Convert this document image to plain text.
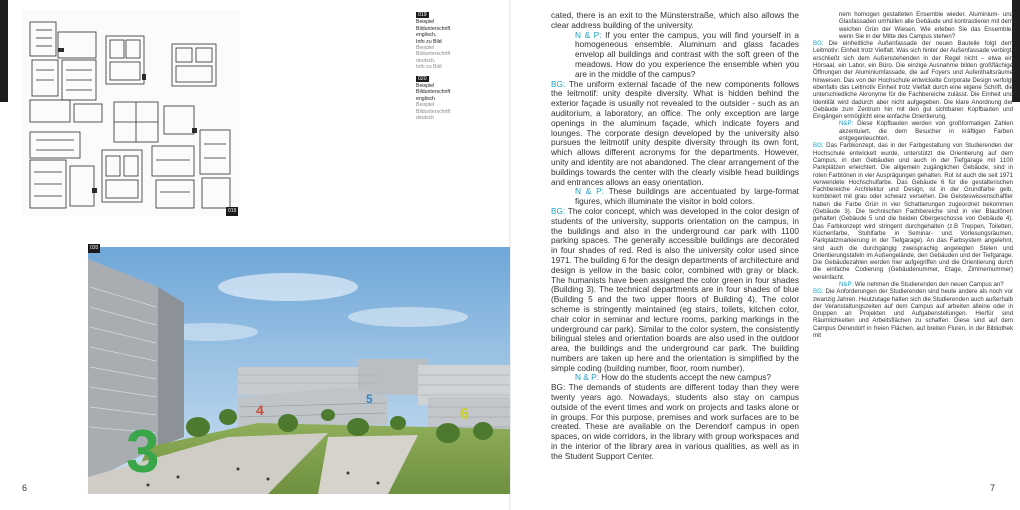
019
019
Beispiel
Bildunterschrift
englisch,
Info zu Bild
Beispiel
Bildunterschrift
deutsch,
Info zu Bild
020
Beispiel
Bildunterschrift
englisch
Beispiel
Bildunterschrift
deutsch
020
3
4
5
6
6

cated, there is an exit to the Münsterstraße, which also allows the clear address building of the university.

N & P: If you enter the campus, you will find yourself in a homogeneous ensemble. Aluminum and glass facades envelop all buildings and contrast with the soft green of the meadows. How do you experience the ensemble when you are in the middle of the campus?

BG: The uniform external facade of the new components follows the leitmotif: unity despite diversity. What is hidden behind the exterior façade is usually not revealed to the outsider - such as an auditorium, a laboratory, an office. The only exception are large openings in the aluminum façade, which indicate foyers and lounges. The corporate design developed by the university also pursues the leitmotif unity despite diversity through its own font, which allows different acronyms for the departments. However, unity and identity are not abandoned. The clear arrangement of the buildings towards the center with the clearly visible head buildings and entrances allows an easy orientation.

N & P: These buildings are accentuated by large-format figures, which illuminate the visitor in bold colors.

BG: The color concept, which was developed in the color design of students of the university, supports orientation on the campus, in the buildings and also in the underground car park with 1100 parking spaces. The generally accessible buildings are decorated in four shades of red. Red is also the university color used since 1971. The building 6 for the design departments of architecture and design is yellow in the basic color, combined with gray or black. The humanists have been assigned the color green in four shades (Building 3). The technical departments are in four shades of blue (Building 5 and the two upper floors of Building 4). The color scheme is stringently maintained (eg stairs, toilets, kitchen color, chair color in seminar and lecture rooms, parking markings in the underground car park). Similar to the color system, the consistently bilingual steles and orientation boards are also used in the outdoor area, the buildings and the underground car park. The building numbers are taken up here and the orientation is simplified by the simple coding (building number, floor, room number).

N & P: How do the students accept the new campus?

BG: The demands of students are different today than they were twenty years ago. Nowadays, students also stay on campus outside of the event times and work on projects and tasks alone or in groups. For this purpose, premises and work surfaces are to be created. These are available on the Derendorf campus in open spaces, on wide corridors, in the library with group workspaces and in the interior of the library area in various qualities, as well as in the Student Support Center.

nem homogen gestalteten Ensemble wieder. Aluminium- und Glasfassaden umhüllen alle Gebäude und kontrastieren mit dem weichen Grün der Wiesen. Wie erleben Sie das Ensemble, wenn Sie in der Mitte des Campus stehen?

BG: Die einheitliche Außenfassade der neuen Bauteile folgt dem Leitmotiv: Einheit trotz Vielfalt. Was sich hinter der Außenfassade verbirgt, erschließt sich dem Außenstehenden in der Regel nicht – etwa ein Hörsaal, ein Labor, ein Büro. Die einzige Ausnahme bilden großflächige Öffnungen der Aluminiumfassade, die auf Foyers und Aufenthaltsräume hinweisen. Das von der Hochschule entwickelte Corporate Design verfolgt ebenfalls das Leitmotiv Einheit trotz Vielfalt durch eine eigene Schrift, die unterschiedliche Akronyme für die Fachbereiche zulässt. Die Einheit und Identität wird dadurch aber nicht aufgegeben. Die klare Anordnung der Gebäude zum Zentrum hin mit den gut sichtbaren Kopfbauten und Eingängen ermöglicht eine einfache Orientierung.

N&P: Diese Kopfbauten werden von großformatigen Zahlen akzentuiert, die dem Besucher in kräftigen Farben entgegenleuchten.

BG: Das Farbkonzept, das in der Farbgestaltung von Studierenden der Hochschule entwickelt wurde, unterstützt die Orientierung auf dem Campus, in den Gebäuden und auch in der Tiefgarage mit 1100 Parkplätzen erleichtert. Die allgemein zugänglichen Gebäude, sind in roten Farbtönen in vier Ausprägungen gehalten. Rot ist auch die seit 1971 verwendete Hochschulfarbe. Das Gebäude 6 für die gestalterischen Fachbereiche Architektur und Design, ist in der Grundfarbe gelb, kombiniert mit grau oder schwarz versehen. Die Geisteswissenschaftler haben die Farbe Grün in vier Schattierungen zugeordnet bekommen (Gebäude 3). Die technischen Fachbereiche sind in vier Blautönen gehalten (Gebäude 5 und die beiden Obergeschosse von Gebäude 4). Das Farbkonzept wird stringent durchgehalten (z.B Treppen, Toiletten, Küchenfarbe, Stuhlfarbe in Seminar- und Vorlesungsräumen, Parkplatzmarkierung in der Tiefgarage). An das Farbsystem angelehnt, sind auch die durchgängig zweisprachig angelegten Stelen und Orientierungstafeln im Außengelände, den Gebäuden und der Tiefgarage. Die Gebäudezahlen werden hier aufgegriffen und die Orientierung durch die einfache Codierung (Gebäudenummer, Etage, Zimmernummer) vereinfacht.

N&P: Wie nehmen die Studierenden den neuen Campus an?

BG: Die Anforderungen der Studierenden sind heute andere als noch vor zwanzig Jahren. Heutzutage halten sich die Studierenden auch außerhalb der Veranstaltungszeiten auf dem Campus auf arbeiten alleine oder in Gruppen an Projekten und Aufgabenstellungen. Hierfür sind Räumlichkeiten und Arbeitsflächen zu schaffen. Diese sind auf dem Campus Derendorf in freien Flächen, auf breiten Fluren, in der Bibliothek mit

7
